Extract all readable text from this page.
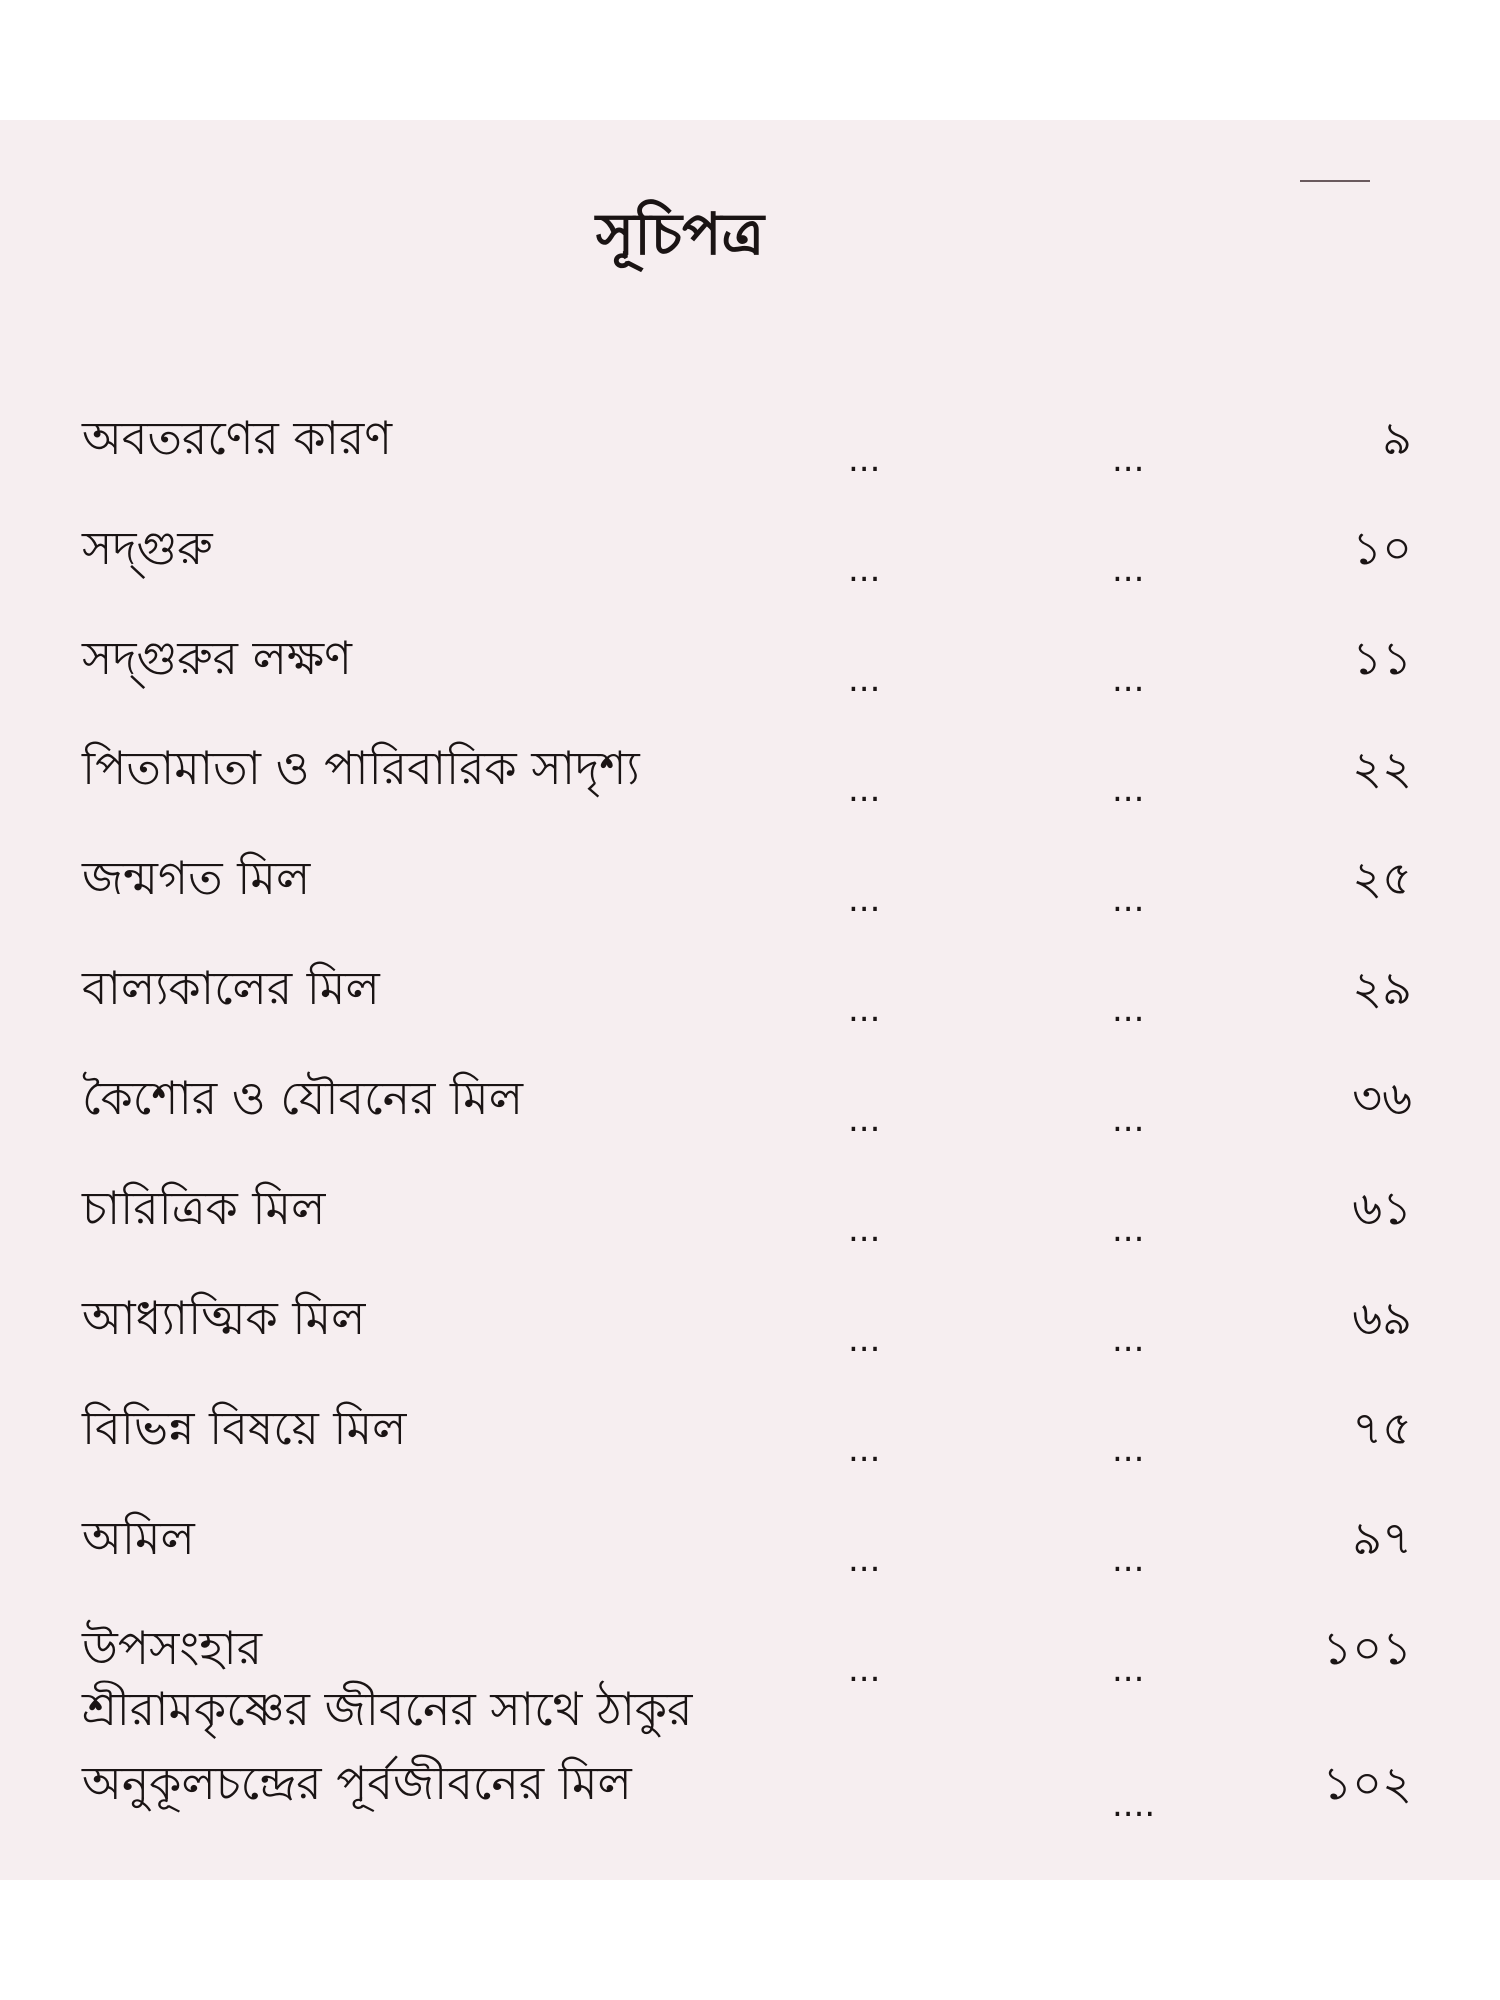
সূচিপত্র
অবতরণের কারণ	...	...	৯
সদ্‌গুরু	...	...	১০
সদ্‌গুরুর লক্ষণ	...	...	১১
পিতামাতা ও পারিবারিক সাদৃশ্য	...	...	২২
জন্মগত মিল	...	...	২৫
বাল্যকালের মিল	...	...	২৯
কৈশোর ও যৌবনের মিল	...	...	৩৬
চারিত্রিক মিল	...	...	৬১
আধ্যাত্মিক মিল	...	...	৬৯
বিভিন্ন বিষয়ে মিল	...	...	৭৫
অমিল	...	...	৯৭
উপসংহার	...	...	১০১
শ্রীরামকৃষ্ণের জীবনের সাথে ঠাকুর
অনুকূলচন্দ্রের পূর্বজীবনের মিল	....	১০২
